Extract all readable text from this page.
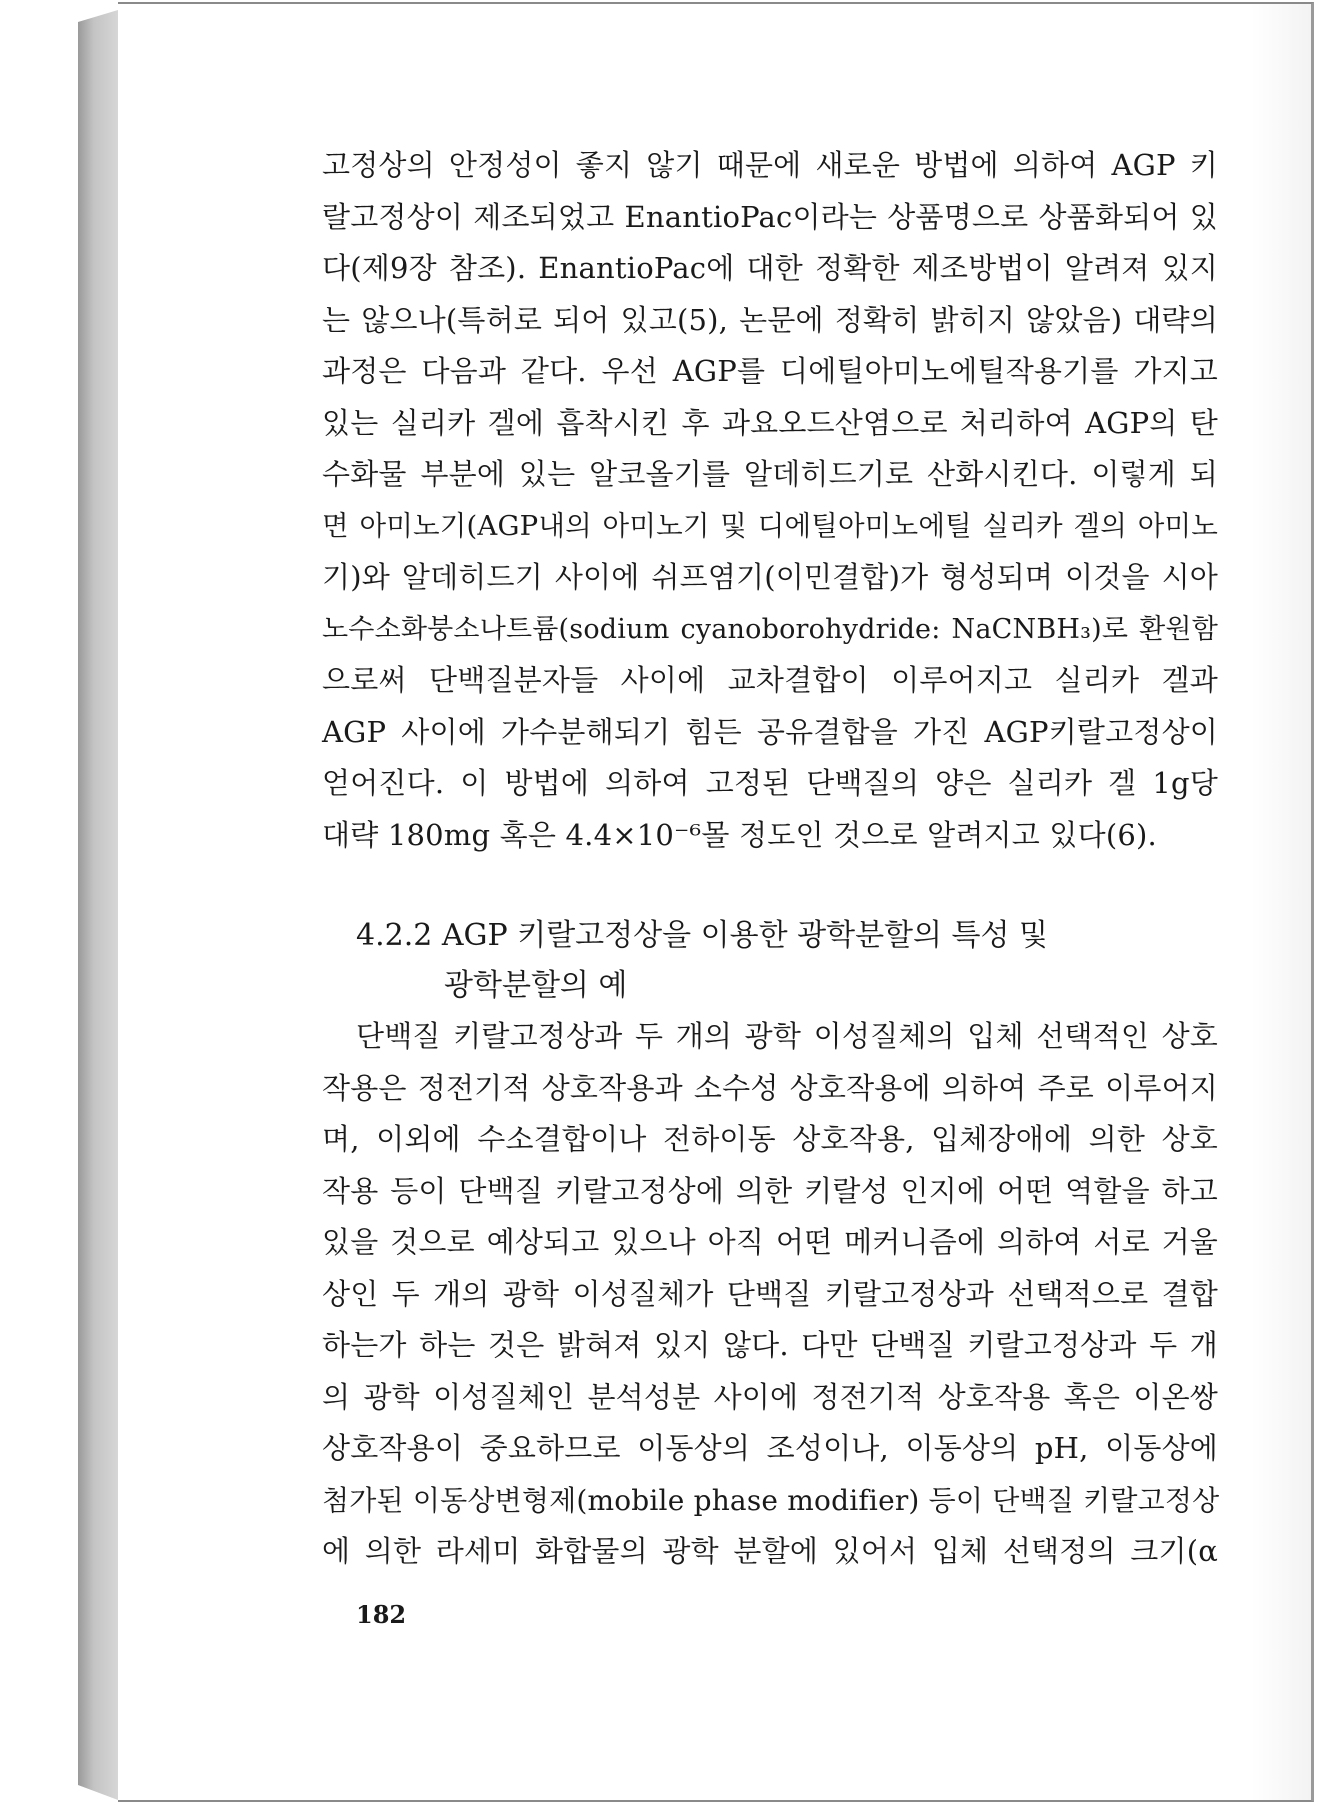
고정상의 안정성이 좋지 않기 때문에 새로운 방법에 의하여 AGP 키
랄고정상이 제조되었고 EnantioPac이라는 상품명으로 상품화되어 있
다(제9장 참조). EnantioPac에 대한 정확한 제조방법이 알려져 있지
는 않으나(특허로 되어 있고(5), 논문에 정확히 밝히지 않았음) 대략의
과정은 다음과 같다. 우선 AGP를 디에틸아미노에틸작용기를 가지고
있는 실리카 겔에 흡착시킨 후 과요오드산염으로 처리하여 AGP의 탄
수화물 부분에 있는 알코올기를 알데히드기로 산화시킨다. 이렇게 되
면 아미노기(AGP내의 아미노기 및 디에틸아미노에틸 실리카 겔의 아미노
기)와 알데히드기 사이에 쉬프염기(이민결합)가 형성되며 이것을 시아
노수소화붕소나트륨(sodium cyanoborohydride: NaCNBH₃)로 환원함
으로써 단백질분자들 사이에 교차결합이 이루어지고 실리카 겔과
AGP 사이에 가수분해되기 힘든 공유결합을 가진 AGP키랄고정상이
얻어진다. 이 방법에 의하여 고정된 단백질의 양은 실리카 겔 1g당
대략 180mg 혹은 4.4×10⁻⁶몰 정도인 것으로 알려지고 있다(6).
4.2.2 AGP 키랄고정상을 이용한 광학분할의 특성 및
광학분할의 예
단백질 키랄고정상과 두 개의 광학 이성질체의 입체 선택적인 상호
작용은 정전기적 상호작용과 소수성 상호작용에 의하여 주로 이루어지
며, 이외에 수소결합이나 전하이동 상호작용, 입체장애에 의한 상호
작용 등이 단백질 키랄고정상에 의한 키랄성 인지에 어떤 역할을 하고
있을 것으로 예상되고 있으나 아직 어떤 메커니즘에 의하여 서로 거울
상인 두 개의 광학 이성질체가 단백질 키랄고정상과 선택적으로 결합
하는가 하는 것은 밝혀져 있지 않다. 다만 단백질 키랄고정상과 두 개
의 광학 이성질체인 분석성분 사이에 정전기적 상호작용 혹은 이온쌍
상호작용이 중요하므로 이동상의 조성이나, 이동상의 pH, 이동상에
첨가된 이동상변형제(mobile phase modifier) 등이 단백질 키랄고정상
에 의한 라세미 화합물의 광학 분할에 있어서 입체 선택정의 크기(α
182
